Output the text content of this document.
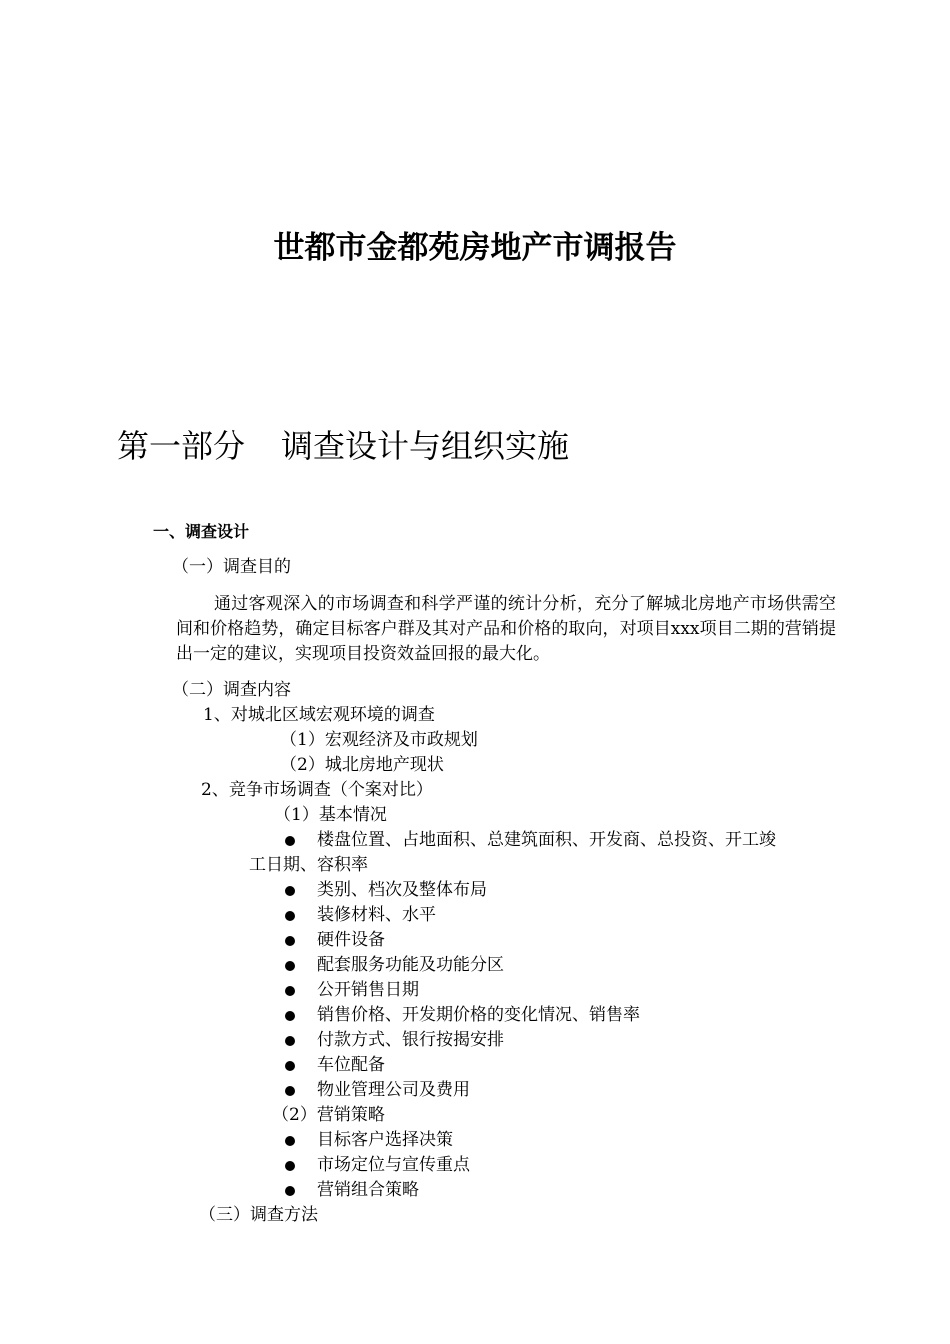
世都市金都苑房地产市调报告
第一部分 调查设计与组织实施
一、调查设计
（一）调查目的
通过客观深入的市场调查和科学严谨的统计分析，充分了解城北房地产市场供需空间和价格趋势，确定目标客户群及其对产品和价格的取向，对项目xxx项目二期的营销提出一定的建议，实现项目投资效益回报的最大化。
（二）调查内容
1、对城北区域宏观环境的调查
（1）宏观经济及市政规划
（2）城北房地产现状
2、竞争市场调查（个案对比）
（1）基本情况
楼盘位置、占地面积、总建筑面积、开发商、总投资、开工竣
工日期、容积率
类别、档次及整体布局
装修材料、水平
硬件设备
配套服务功能及功能分区
公开销售日期
销售价格、开发期价格的变化情况、销售率
付款方式、银行按揭安排
车位配备
物业管理公司及费用
（2）营销策略
目标客户选择决策
市场定位与宣传重点
营销组合策略
（三）调查方法
